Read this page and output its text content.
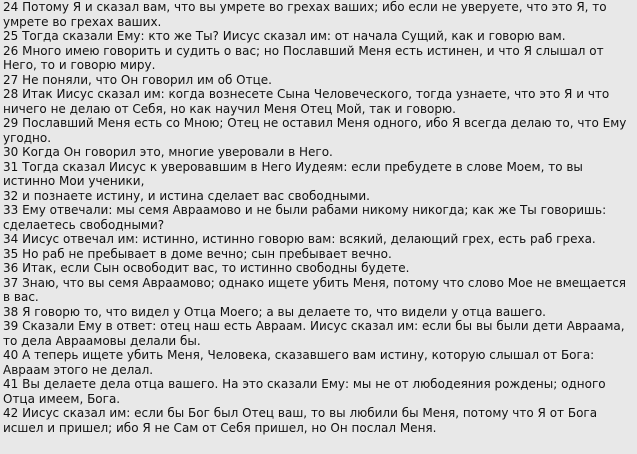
24 Потому Я и сказал вам, что вы умрете во грехах ваших; ибо если не уверуете, что это Я, то умрете во грехах ваших.

25 Тогда сказали Ему: кто же Ты? Иисус сказал им: от начала Сущий, как и говорю вам.

26 Много имею говорить и судить о вас; но Пославший Меня есть истинен, и что Я слышал от Него, то и говорю миру.

27 Не поняли, что Он говорил им об Отце.

28 Итак Иисус сказал им: когда вознесете Сына Человеческого, тогда узнаете, что это Я и что ничего не делаю от Себя, но как научил Меня Отец Мой, так и говорю.

29 Пославший Меня есть со Мною; Отец не оставил Меня одного, ибо Я всегда делаю то, что Ему угодно.

30 Когда Он говорил это, многие уверовали в Него.

31 Тогда сказал Иисус к уверовавшим в Него Иудеям: если пребудете в слове Моем, то вы истинно Мои ученики,

32 и познаете истину, и истина сделает вас свободными.

33 Ему отвечали: мы семя Авраамово и не были рабами никому никогда; как же Ты говоришь: сделаетесь свободными?

34 Иисус отвечал им: истинно, истинно говорю вам: всякий, делающий грех, есть раб греха.

35 Но раб не пребывает в доме вечно; сын пребывает вечно.

36 Итак, если Сын освободит вас, то истинно свободны будете.

37 Знаю, что вы семя Авраамово; однако ищете убить Меня, потому что слово Мое не вмещается в вас.

38 Я говорю то, что видел у Отца Моего; а вы делаете то, что видели у отца вашего.

39 Сказали Ему в ответ: отец наш есть Авраам. Иисус сказал им: если бы вы были дети Авраама, то дела Авраамовы делали бы.

40 А теперь ищете убить Меня, Человека, сказавшего вам истину, которую слышал от Бога: Авраам этого не делал.

41 Вы делаете дела отца вашего. На это сказали Ему: мы не от любодеяния рождены; одного Отца имеем, Бога.

42 Иисус сказал им: если бы Бог был Отец ваш, то вы любили бы Меня, потому что Я от Бога исшел и пришел; ибо Я не Сам от Себя пришел, но Он послал Меня.
